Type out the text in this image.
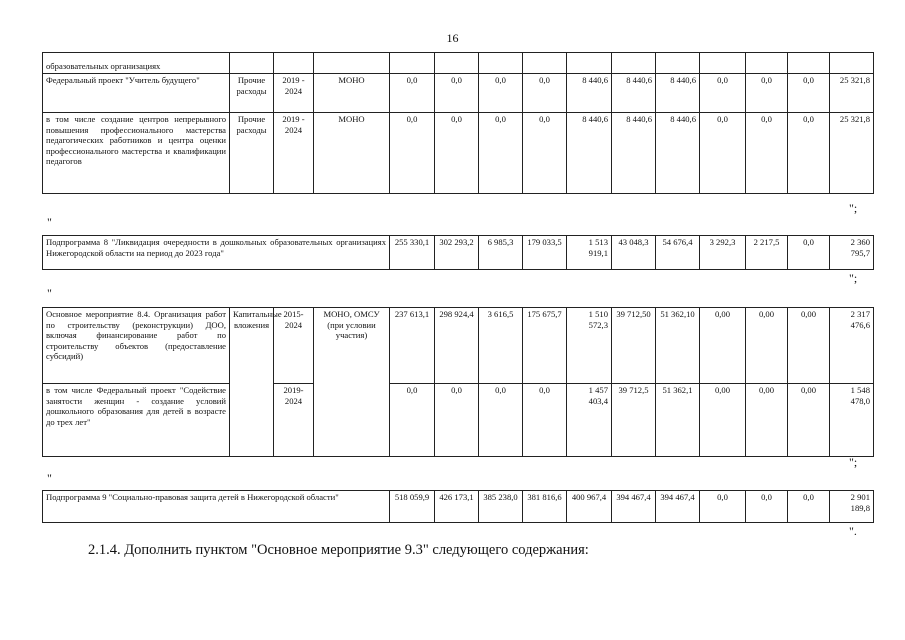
16
образовательных организациях														
Федеральный проект "Учитель будущего"	Прочие расходы	2019 - 2024	МОНО	0,0	0,0	0,0	0,0	8 440,6	8 440,6	8 440,6	0,0	0,0	0,0	25 321,8
в том числе создание центров непрерывного повышения профессионального мастерства педагогических работников и центра оценки профессионального мастерства и квалификации педагогов	Прочие расходы	2019 - 2024	МОНО	0,0	0,0	0,0	0,0	8 440,6	8 440,6	8 440,6	0,0	0,0	0,0	25 321,8
";
"
Подпрограмма 8 "Ликвидация очередности в дошкольных образовательных организациях Нижегородской области на период до 2023 года"	255 330,1	302 293,2	6 985,3	179 033,5	1 513 919,1	43 048,3	54 676,4	3 292,3	2 217,5	0,0	2 360 795,7
";
"
Основное мероприятие 8.4. Организация работ по строительству (реконструкции) ДОО, включая финансирование работ по строительству объектов (предоставление субсидий)	Капитальные вложения	2015-2024	МОНО, ОМСУ (при условии участия)	237 613,1	298 924,4	3 616,5	175 675,7	1 510 572,3	39 712,50	51 362,10	0,00	0,00	0,00	2 317 476,6
в том числе Федеральный проект "Содействие занятости женщин - создание условий дошкольного образования для детей в возрасте до трех лет"		2019-2024		0,0	0,0	0,0	0,0	1 457 403,4	39 712,5	51 362,1	0,00	0,00	0,00	1 548 478,0
";
"
Подпрограмма 9 "Социально-правовая защита детей в Нижегородской области"	518 059,9	426 173,1	385 238,0	381 816,6	400 967,4	394 467,4	394 467,4	0,0	0,0	0,0	2 901 189,8
".
2.1.4. Дополнить пунктом "Основное мероприятие 9.3" следующего содержания:
